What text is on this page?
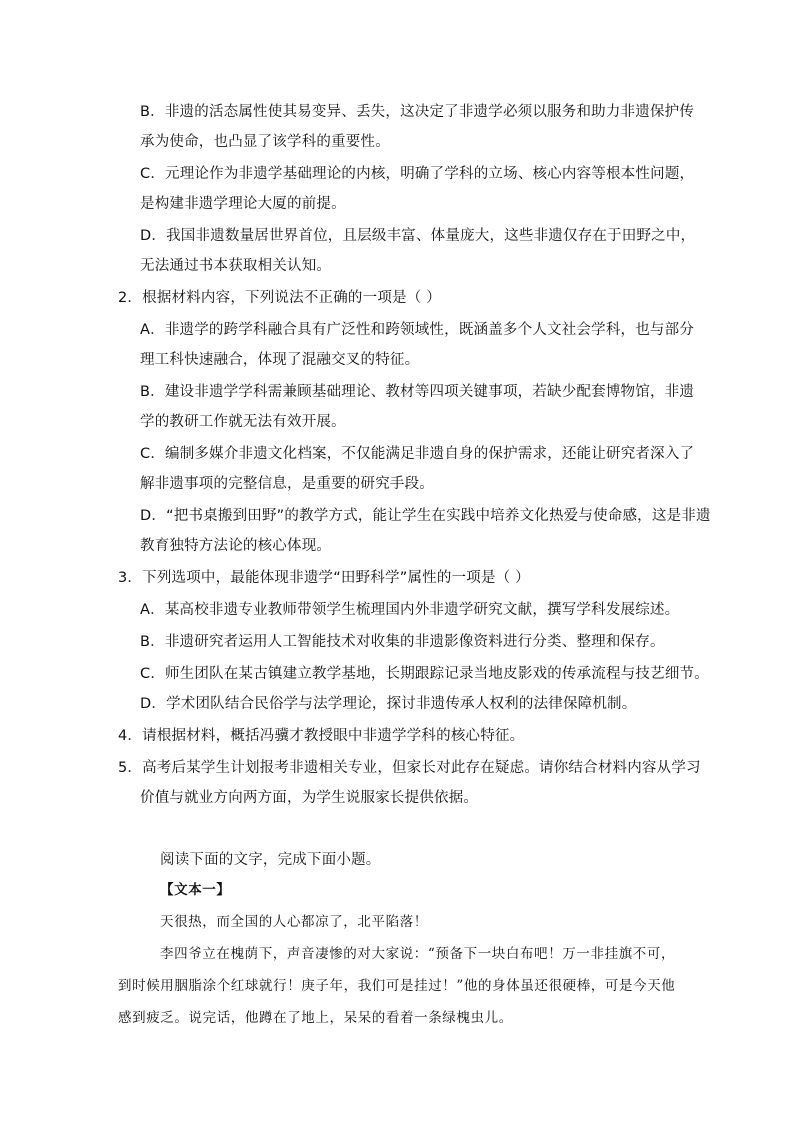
B．非遗的活态属性使其易变异、丢失，这决定了非遗学必须以服务和助力非遗保护传
承为使命，也凸显了该学科的重要性。
C．元理论作为非遗学基础理论的内核，明确了学科的立场、核心内容等根本性问题，
是构建非遗学理论大厦的前提。
D．我国非遗数量居世界首位，且层级丰富、体量庞大，这些非遗仅存在于田野之中，
无法通过书本获取相关认知。
2．根据材料内容，下列说法不正确的一项是（ ）
A．非遗学的跨学科融合具有广泛性和跨领域性，既涵盖多个人文社会学科，也与部分
理工科快速融合，体现了混融交叉的特征。
B．建设非遗学学科需兼顾基础理论、教材等四项关键事项，若缺少配套博物馆，非遗
学的教研工作就无法有效开展。
C．编制多媒介非遗文化档案，不仅能满足非遗自身的保护需求，还能让研究者深入了
解非遗事项的完整信息，是重要的研究手段。
D．“把书桌搬到田野”的教学方式，能让学生在实践中培养文化热爱与使命感，这是非遗
教育独特方法论的核心体现。
3．下列选项中，最能体现非遗学“田野科学”属性的一项是（ ）
A．某高校非遗专业教师带领学生梳理国内外非遗学研究文献，撰写学科发展综述。
B．非遗研究者运用人工智能技术对收集的非遗影像资料进行分类、整理和保存。
C．师生团队在某古镇建立教学基地，长期跟踪记录当地皮影戏的传承流程与技艺细节。
D．学术团队结合民俗学与法学理论，探讨非遗传承人权利的法律保障机制。
4．请根据材料，概括冯骥才教授眼中非遗学学科的核心特征。
5．高考后某学生计划报考非遗相关专业，但家长对此存在疑虑。请你结合材料内容从学习
价值与就业方向两方面，为学生说服家长提供依据。
阅读下面的文字，完成下面小题。
【文本一】
天很热，而全国的人心都凉了，北平陷落！
李四爷立在槐荫下，声音凄惨的对大家说：“预备下一块白布吧！万一非挂旗不可，
到时候用胭脂涂个红球就行！庚子年，我们可是挂过！”他的身体虽还很硬棒，可是今天他
感到疲乏。说完话，他蹲在了地上，呆呆的看着一条绿槐虫儿。
